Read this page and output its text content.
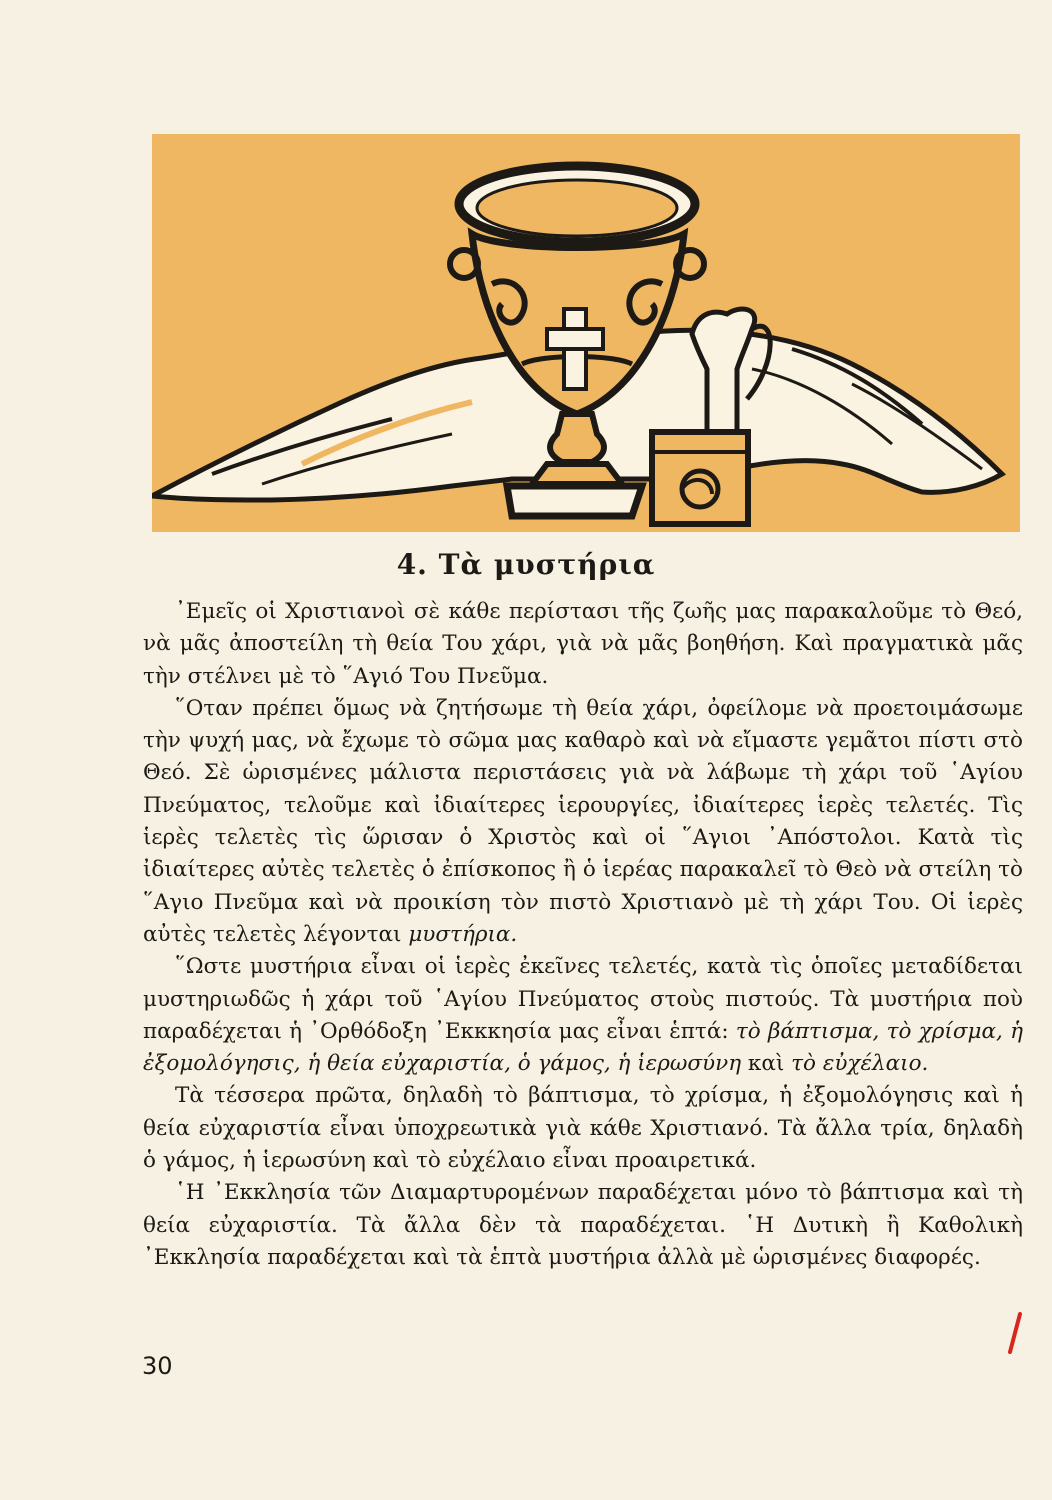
4. Τὰ μυστήρια

᾿Εμεῖς οἱ Χριστιανοὶ σὲ κάθε περίστασι τῆς ζωῆς μας παρακαλοῦμε τὸ Θεό, νὰ μᾶς ἀποστείλη τὴ θεία Του χάρι, γιὰ νὰ μᾶς βοηθήση. Καὶ πραγματικὰ μᾶς τὴν στέλνει μὲ τὸ ῞Αγιό Του Πνεῦμα.

῞Οταν πρέπει ὅμως νὰ ζητήσωμε τὴ θεία χάρι, ὀφείλομε νὰ προετοιμάσωμε τὴν ψυχή μας, νὰ ἔχωμε τὸ σῶμα μας καθαρὸ καὶ νὰ εἴμαστε γεμᾶτοι πίστι στὸ Θεό. Σὲ ὡρισμένες μάλιστα περιστάσεις γιὰ νὰ λάβωμε τὴ χάρι τοῦ ῾Αγίου Πνεύματος, τελοῦμε καὶ ἰδιαίτερες ἱερουργίες, ἰδιαίτερες ἱερὲς τελετές. Τὶς ἱερὲς τελετὲς τὶς ὥρισαν ὁ Χριστὸς καὶ οἱ ῞Αγιοι ᾿Απόστολοι. Κατὰ τὶς ἰδιαίτερες αὐτὲς τελετὲς ὁ ἐπίσκοπος ἢ ὁ ἱερέας παρακαλεῖ τὸ Θεὸ νὰ στείλη τὸ ῞Αγιο Πνεῦμα καὶ νὰ προικίση τὸν πιστὸ Χριστιανὸ μὲ τὴ χάρι Του. Οἱ ἱερὲς αὐτὲς τελετὲς λέγονται μυστήρια.

῞Ωστε μυστήρια εἶναι οἱ ἱερὲς ἐκεῖνες τελετές, κατὰ τὶς ὁποῖες μεταδίδεται μυστηριωδῶς ἡ χάρι τοῦ ῾Αγίου Πνεύματος στοὺς πιστούς. Τὰ μυστήρια ποὺ παραδέχεται ἡ ᾿Ορθόδοξη ᾿Εκκκησία μας εἶναι ἑπτά: τὸ βάπτισμα, τὸ χρίσμα, ἡ ἐξομολόγησις, ἡ θεία εὐχαριστία, ὁ γάμος, ἡ ἱερωσύνη καὶ τὸ εὐχέλαιο.

Τὰ τέσσερα πρῶτα, δηλαδὴ τὸ βάπτισμα, τὸ χρίσμα, ἡ ἐξομολόγησις καὶ ἡ θεία εὐχαριστία εἶναι ὑποχρεωτικὰ γιὰ κάθε Χριστιανό. Τὰ ἄλλα τρία, δηλαδὴ ὁ γάμος, ἡ ἱερωσύνη καὶ τὸ εὐχέλαιο εἶναι προαιρετικά.

῾Η ᾿Εκκλησία τῶν Διαμαρτυρομένων παραδέχεται μόνο τὸ βάπτισμα καὶ τὴ θεία εὐχαριστία. Τὰ ἄλλα δὲν τὰ παραδέχεται. ῾Η Δυτικὴ ἢ Καθολικὴ ᾿Εκκλησία παραδέχεται καὶ τὰ ἑπτὰ μυστήρια ἀλλὰ μὲ ὡρισμένες διαφορές.

30
